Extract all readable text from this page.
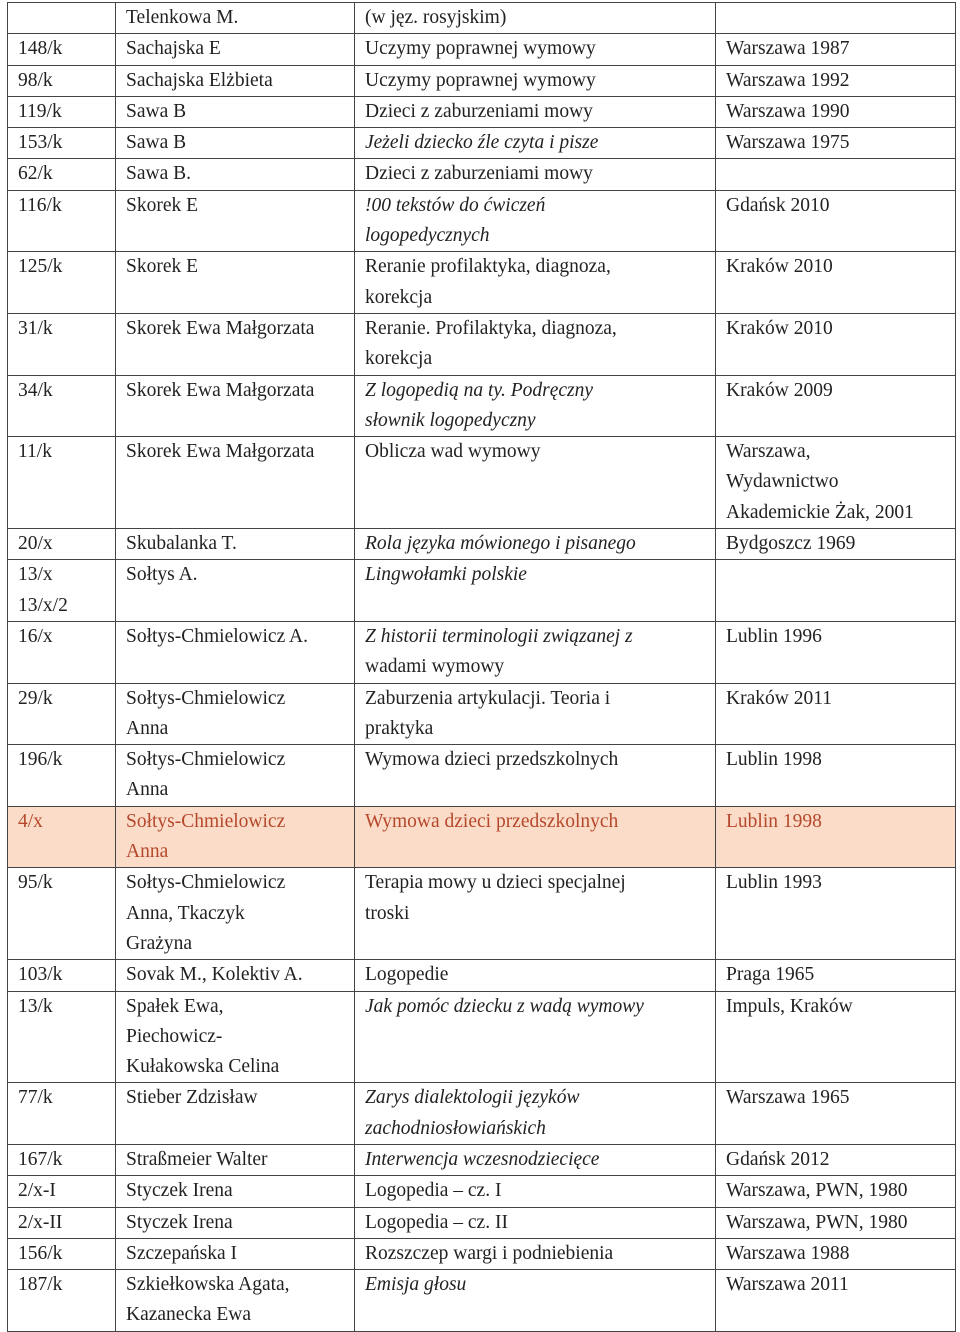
	Telenkowa M.	(w jęz. rosyjskim)	

148/k	Sachajska E	Uczymy poprawnej wymowy	Warszawa 1987

98/k	Sachajska Elżbieta	Uczymy poprawnej wymowy	Warszawa 1992

119/k	Sawa B	Dzieci z zaburzeniami mowy	Warszawa 1990

153/k	Sawa B	Jeżeli dziecko źle czyta i pisze	Warszawa 1975

62/k	Sawa B.	Dzieci z zaburzeniami mowy	

116/k	Skorek E	!00 tekstów do ćwiczeń
logopedycznych	Gdańsk 2010

125/k	Skorek E	Reranie profilaktyka, diagnoza,
korekcja	Kraków 2010

31/k	Skorek Ewa Małgorzata	Reranie. Profilaktyka, diagnoza,
korekcja	Kraków 2010

34/k	Skorek Ewa Małgorzata	Z logopedią na ty. Podręczny
słownik logopedyczny	Kraków 2009

11/k	Skorek Ewa Małgorzata	Oblicza wad wymowy	Warszawa,
Wydawnictwo
Akademickie Żak, 2001

20/x	Skubalanka T.	Rola języka mówionego i pisanego	Bydgoszcz 1969

13/x
13/x/2	Sołtys A.	Lingwołamki polskie	

16/x	Sołtys-Chmielowicz A.	Z historii terminologii związanej z
wadami wymowy	Lublin 1996

29/k	Sołtys-Chmielowicz
Anna	Zaburzenia artykulacji. Teoria i
praktyka	Kraków 2011

196/k	Sołtys-Chmielowicz
Anna	Wymowa dzieci przedszkolnych	Lublin 1998

4/x	Sołtys-Chmielowicz
Anna	Wymowa dzieci przedszkolnych	Lublin 1998

95/k	Sołtys-Chmielowicz
Anna, Tkaczyk
Grażyna	Terapia mowy u dzieci specjalnej
troski	Lublin 1993

103/k	Sovak M., Kolektiv A.	Logopedie	Praga 1965

13/k	Spałek Ewa,
Piechowicz-
Kułakowska Celina	Jak pomóc dziecku z wadą wymowy	Impuls, Kraków

77/k	Stieber Zdzisław	Zarys dialektologii języków
zachodniosłowiańskich	Warszawa 1965

167/k	Straßmeier Walter	Interwencja wczesnodziecięce	Gdańsk 2012

2/x-I	Styczek Irena	Logopedia – cz. I	Warszawa, PWN, 1980

2/x-II	Styczek Irena	Logopedia – cz. II	Warszawa, PWN, 1980

156/k	Szczepańska I	Rozszczep wargi i podniebienia	Warszawa 1988

187/k	Szkiełkowska Agata,
Kazanecka Ewa	Emisja głosu	Warszawa 2011
